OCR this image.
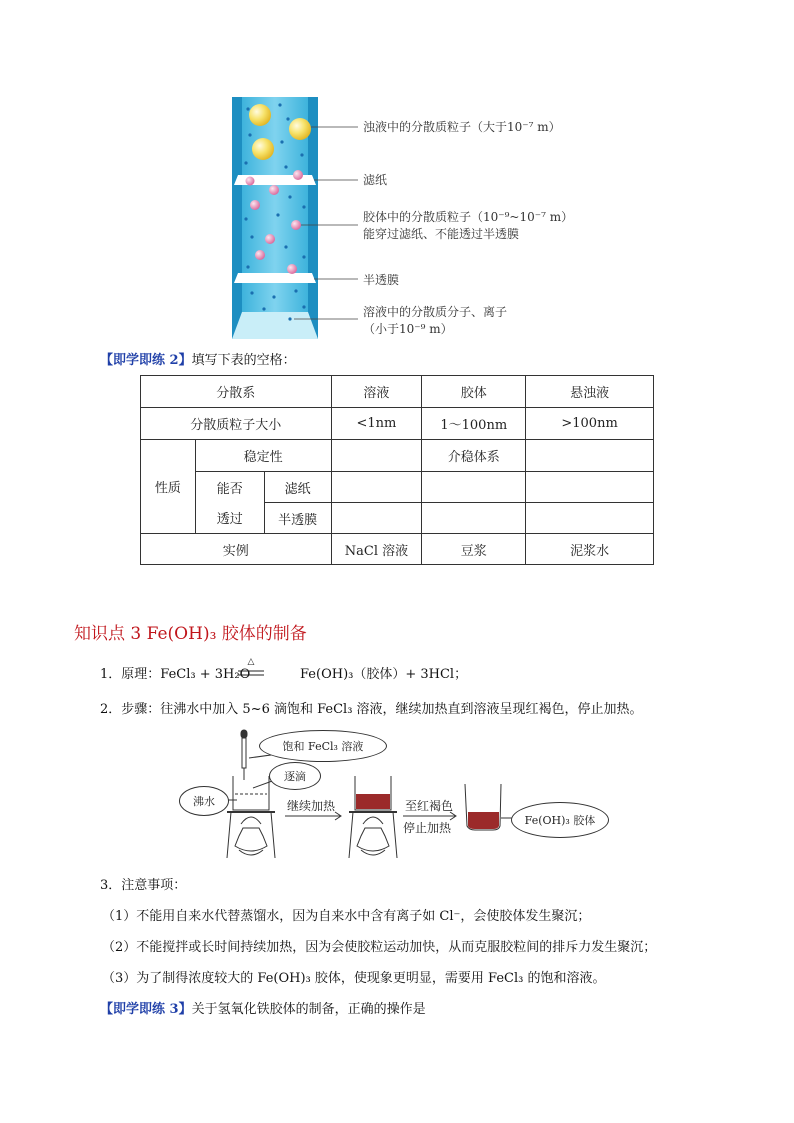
浊液中的分散质粒子（大于10⁻⁷ m）
滤纸
胶体中的分散质粒子（10⁻⁹~10⁻⁷ m）
能穿过滤纸、不能透过半透膜
半透膜
溶液中的分散质分子、离子
（小于10⁻⁹ m）
【即学即练 2】填写下表的空格：
分散系			溶液	胶体	悬浊液
分散质粒子大小			<1nm	1～100nm	>100nm
性质	稳定性			介稳体系	
	能否	滤纸			
	透过	半透膜			
实例			NaCl 溶液	豆浆	泥浆水
知识点 3 Fe(OH)₃ 胶体的制备
1．原理：FeCl₃ + 3H₂O
△
Fe(OH)₃（胶体）+ 3HCl；
2．步骤：往沸水中加入 5~6 滴饱和 FeCl₃ 溶液，继续加热直到溶液呈现红褐色，停止加热。
饱和 FeCl₃ 溶液
逐滴
沸水	继续加热	至红褐色
停止加热
Fe(OH)₃ 胶体
3．注意事项：
（1）不能用自来水代替蒸馏水，因为自来水中含有离子如 Cl⁻，会使胶体发生聚沉；
（2）不能搅拌或长时间持续加热，因为会使胶粒运动加快，从而克服胶粒间的排斥力发生聚沉；
（3）为了制得浓度较大的 Fe(OH)₃ 胶体，使现象更明显，需要用 FeCl₃ 的饱和溶液。
【即学即练 3】关于氢氧化铁胶体的制备，正确的操作是
